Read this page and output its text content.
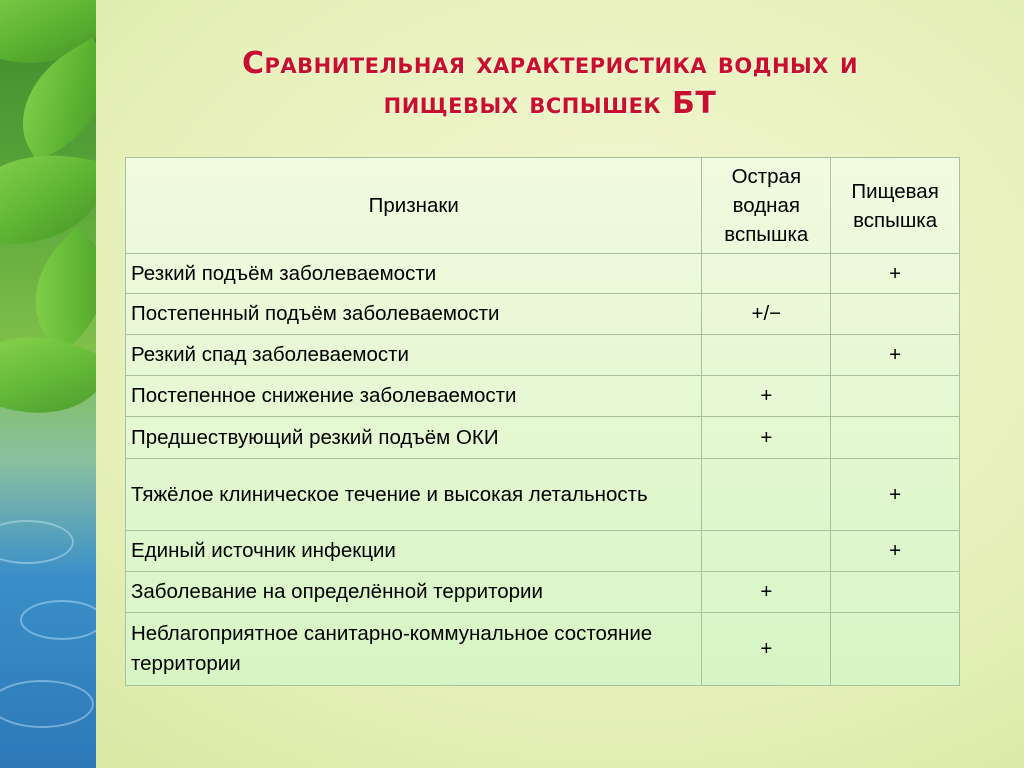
Сравнительная характеристика водных и
пищевых вспышек БТ
Признаки	Острая водная вспышка	Пищевая вспышка
Резкий подъём заболеваемости		+
Постепенный подъём заболеваемости	+/−	
Резкий спад заболеваемости		+
Постепенное снижение заболеваемости	+	
Предшествующий резкий подъём ОКИ	+	
Тяжёлое клиническое течение и высокая летальность		+
Единый источник инфекции		+
Заболевание на определённой территории	+	
Неблагоприятное санитарно-коммунальное состояние территории	+	
